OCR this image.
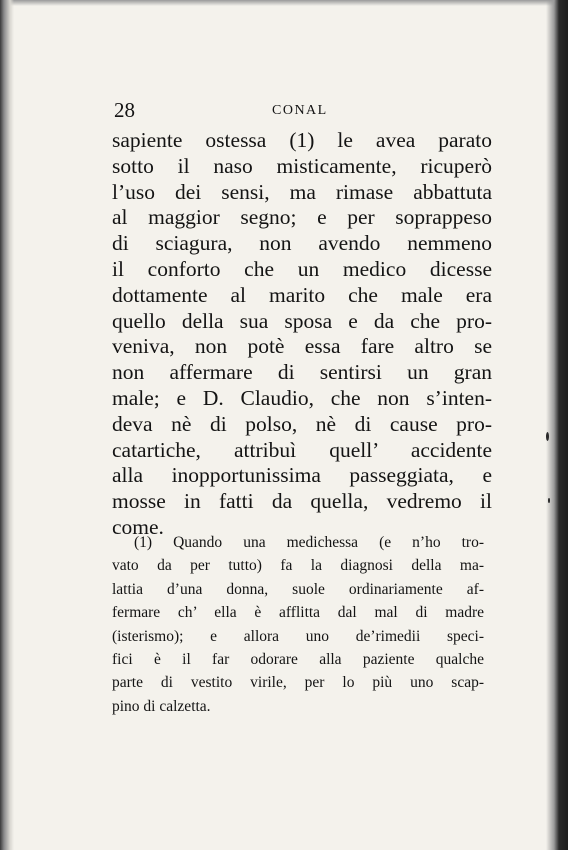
28	CONAL
sapiente ostessa (1) le avea parato
sotto il naso misticamente, ricuperò
l’uso dei sensi, ma rimase abbattuta
al maggior segno; e per soprappeso
di sciagura, non avendo nemmeno
il conforto che un medico dicesse
dottamente al marito che male era
quello della sua sposa e da che pro-
veniva, non potè essa fare altro se
non affermare di sentirsi un gran
male; e D. Claudio, che non s’inten-
deva nè di polso, nè di cause pro-
catartiche, attribuì quell’ accidente
alla inopportunissima passeggiata, e
mosse in fatti da quella, vedremo il
come.
(1) Quando una medichessa (e n’ho tro-
vato da per tutto) fa la diagnosi della ma-
lattia d’una donna, suole ordinariamente af-
fermare ch’ ella è afflitta dal mal di madre
(isterismo); e allora uno de’rimedii speci-
fici è il far odorare alla paziente qualche
parte di vestito virile, per lo più uno scap-
pino di calzetta.
